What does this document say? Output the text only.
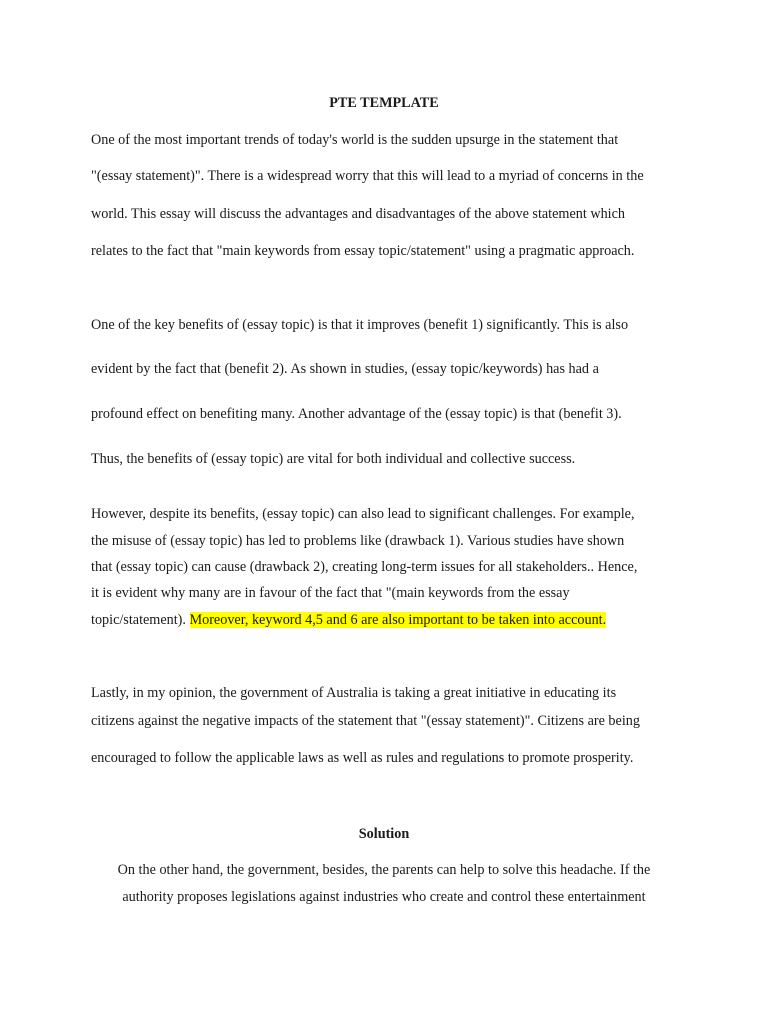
PTE TEMPLATE
One of the most important trends of today's world is the sudden upsurge in the statement that
"(essay statement)". There is a widespread worry that this will lead to a myriad of concerns in the
world. This essay will discuss the advantages and disadvantages of the above statement which
relates to the fact that "main keywords from essay topic/statement" using a pragmatic approach.
One of the key benefits of (essay topic) is that it improves (benefit 1) significantly. This is also
evident by the fact that (benefit 2). As shown in studies, (essay topic/keywords) has had a
profound effect on benefiting many. Another advantage of the (essay topic) is that (benefit 3).
Thus, the benefits of (essay topic) are vital for both individual and collective success.
However, despite its benefits, (essay topic) can also lead to significant challenges. For example,
the misuse of (essay topic) has led to problems like (drawback 1). Various studies have shown
that (essay topic) can cause (drawback 2), creating long-term issues for all stakeholders.. Hence,
it is evident why many are in favour of the fact that "(main keywords from the essay
topic/statement). Moreover, keyword 4,5 and 6 are also important to be taken into account.
Lastly, in my opinion, the government of Australia is taking a great initiative in educating its
citizens against the negative impacts of the statement that "(essay statement)". Citizens are being
encouraged to follow the applicable laws as well as rules and regulations to promote prosperity.
Solution
On the other hand, the government, besides, the parents can help to solve this headache. If the
authority proposes legislations against industries who create and control these entertainment
